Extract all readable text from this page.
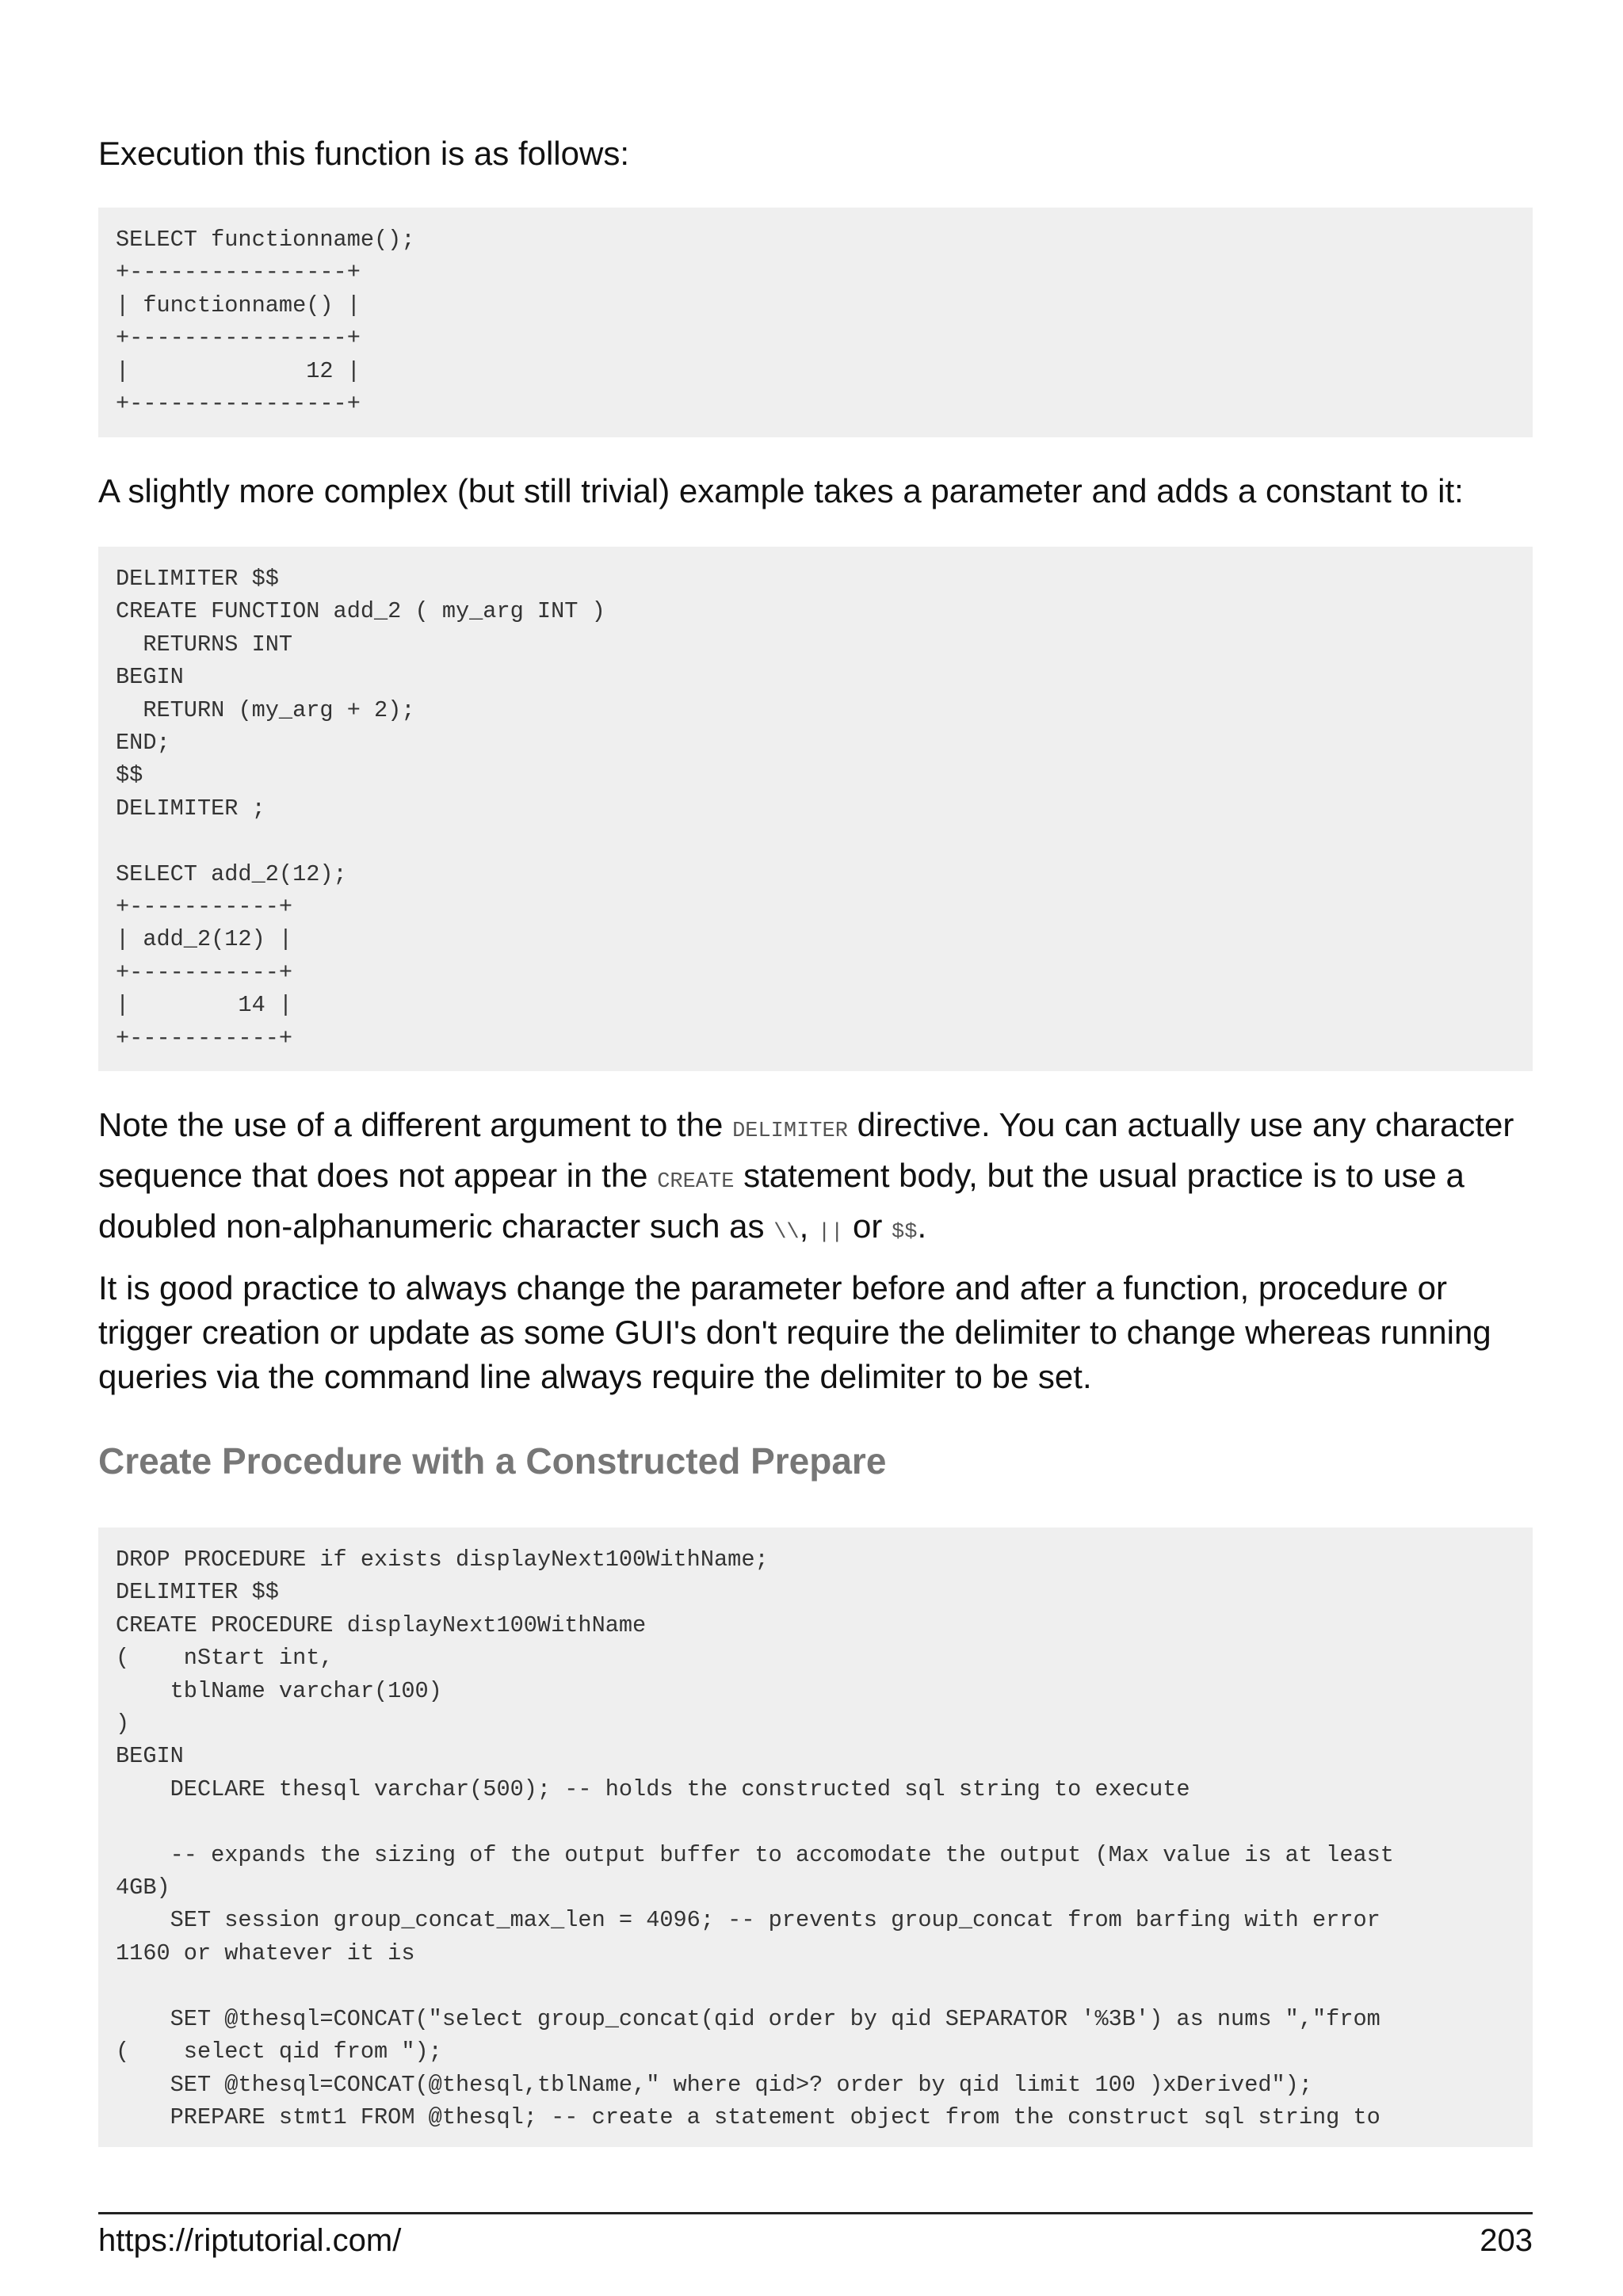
Execution this function is as follows:

SELECT functionname();
+----------------+
| functionname() |
+----------------+
|             12 |
+----------------+

A slightly more complex (but still trivial) example takes a parameter and adds a constant to it:

DELIMITER $$
CREATE FUNCTION add_2 ( my_arg INT )
RETURNS INT
BEGIN
RETURN (my_arg + 2);
END;
$$
DELIMITER ;

SELECT add_2(12);
+-----------+
| add_2(12) |
+-----------+
|        14 |
+-----------+

Note the use of a different argument to the DELIMITER directive. You can actually use any character sequence that does not appear in the CREATE statement body, but the usual practice is to use a doubled non-alphanumeric character such as \\, || or $$.

It is good practice to always change the parameter before and after a function, procedure or trigger creation or update as some GUI's don't require the delimiter to change whereas running queries via the command line always require the delimiter to be set.

Create Procedure with a Constructed Prepare
DROP PROCEDURE if exists displayNext100WithName;
DELIMITER $$
CREATE PROCEDURE displayNext100WithName
(    nStart int,
tblName varchar(100)
)
BEGIN
DECLARE thesql varchar(500); -- holds the constructed sql string to execute

-- expands the sizing of the output buffer to accomodate the output (Max value is at least
4GB)
SET session group_concat_max_len = 4096; -- prevents group_concat from barfing with error
1160 or whatever it is

SET @thesql=CONCAT("select group_concat(qid order by qid SEPARATOR '%3B') as nums ","from
(    select qid from ");
SET @thesql=CONCAT(@thesql,tblName," where qid>? order by qid limit 100 )xDerived");
PREPARE stmt1 FROM @thesql; -- create a statement object from the construct sql string to
https://riptutorial.com/	203
